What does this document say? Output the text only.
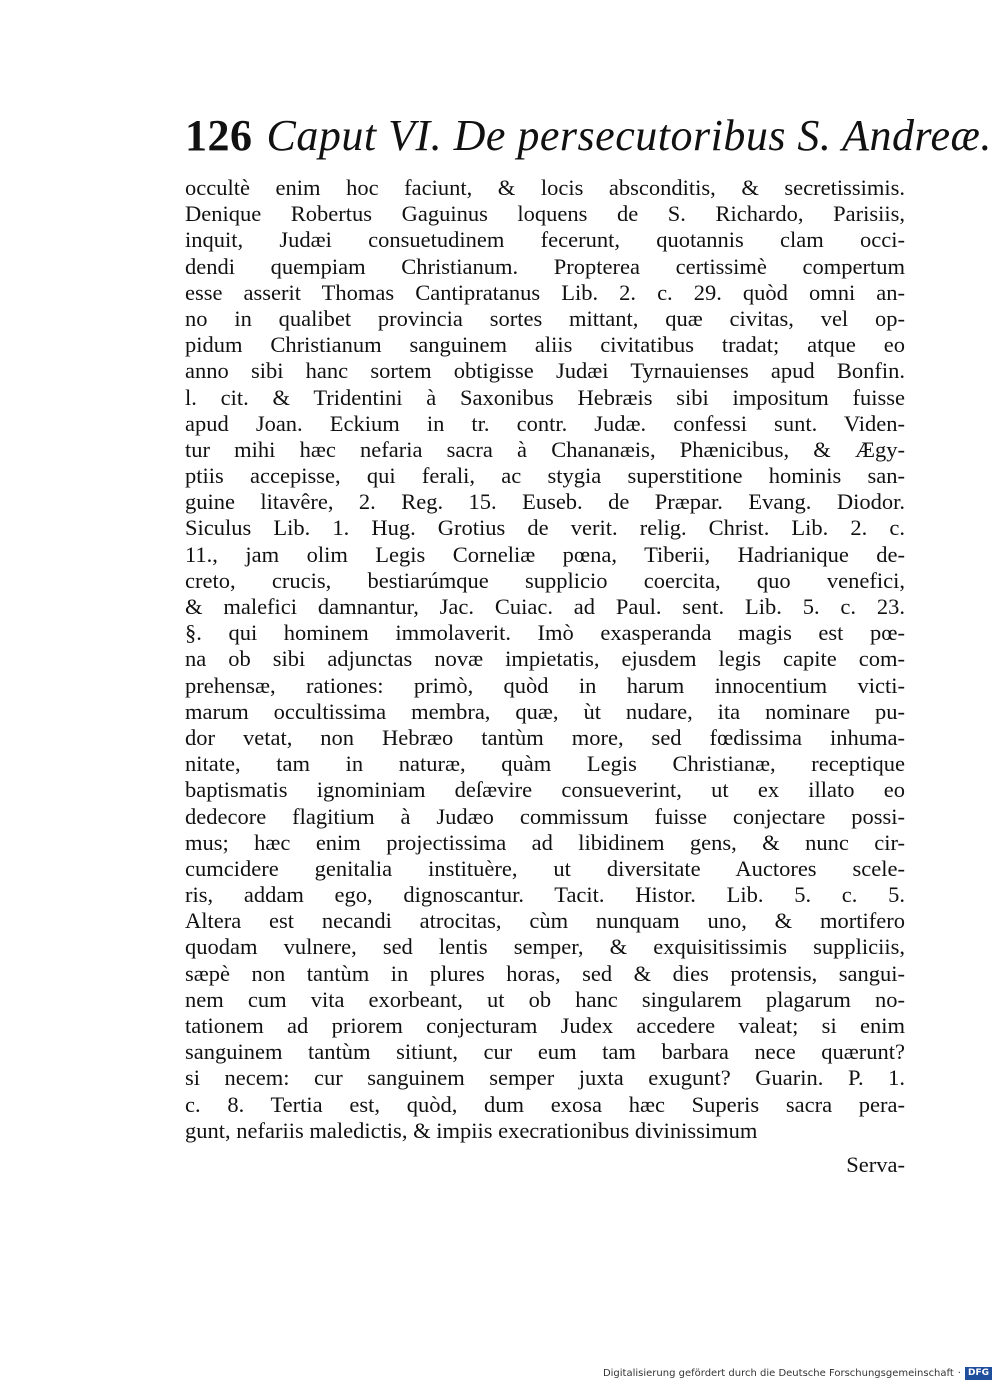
126 Caput VI. De persecutoribus S. Andreæ.
occultè enim hoc faciunt, & locis absconditis, & secretissimis.
Denique Robertus Gaguinus loquens de S. Richardo, Parisiis,
inquit, Judæi consuetudinem fecerunt, quotannis clam occi-
dendi quempiam Christianum. Propterea certissimè compertum
esse asserit Thomas Cantipratanus Lib. 2. c. 29. quòd omni an-
no in qualibet provincia sortes mittant, quæ civitas, vel op-
pidum Christianum sanguinem aliis civitatibus tradat; atque eo
anno sibi hanc sortem obtigisse Judæi Tyrnauienses apud Bonfin.
l. cit. & Tridentini à Saxonibus Hebræis sibi impositum fuisse
apud Joan. Eckium in tr. contr. Judæ. confessi sunt. Viden-
tur mihi hæc nefaria sacra à Chananæis, Phænicibus, & Ægy-
ptiis accepisse, qui ferali, ac stygia superstitione hominis san-
guine litavêre, 2. Reg. 15. Euseb. de Præpar. Evang. Diodor.
Siculus Lib. 1. Hug. Grotius de verit. relig. Christ. Lib. 2. c.
11., jam olim Legis Corneliæ pœna, Tiberii, Hadrianique de-
creto, crucis, bestiarúmque supplicio coercita, quo venefici,
& malefici damnantur, Jac. Cuiac. ad Paul. sent. Lib. 5. c. 23.
§. qui hominem immolaverit. Imò exasperanda magis est pœ-
na ob sibi adjunctas novæ impietatis, ejusdem legis capite com-
prehensæ, rationes: primò, quòd in harum innocentium victi-
marum occultissima membra, quæ, ùt nudare, ita nominare pu-
dor vetat, non Hebræo tantùm more, sed fœdissima inhuma-
nitate, tam in naturæ, quàm Legis Christianæ, receptique
baptismatis ignominiam deſævire consueverint, ut ex illato eo
dedecore flagitium à Judæo commissum fuisse conjectare possi-
mus; hæc enim projectissima ad libidinem gens, & nunc cir-
cumcidere genitalia instituère, ut diversitate Auctores scele-
ris, addam ego, dignoscantur. Tacit. Histor. Lib. 5. c. 5.
Altera est necandi atrocitas, cùm nunquam uno, & mortifero
quodam vulnere, sed lentis semper, & exquisitissimis suppliciis,
sæpè non tantùm in plures horas, sed & dies protensis, sangui-
nem cum vita exorbeant, ut ob hanc singularem plagarum no-
tationem ad priorem conjecturam Judex accedere valeat; si enim
sanguinem tantùm sitiunt, cur eum tam barbara nece quærunt?
si necem: cur sanguinem semper juxta exugunt? Guarin. P. 1.
c. 8. Tertia est, quòd, dum exosa hæc Superis sacra pera-
gunt, nefariis maledictis, & impiis execrationibus divinissimum
Serva-
Digitalisierung gefördert durch die Deutsche Forschungsgemeinschaft · DFG
